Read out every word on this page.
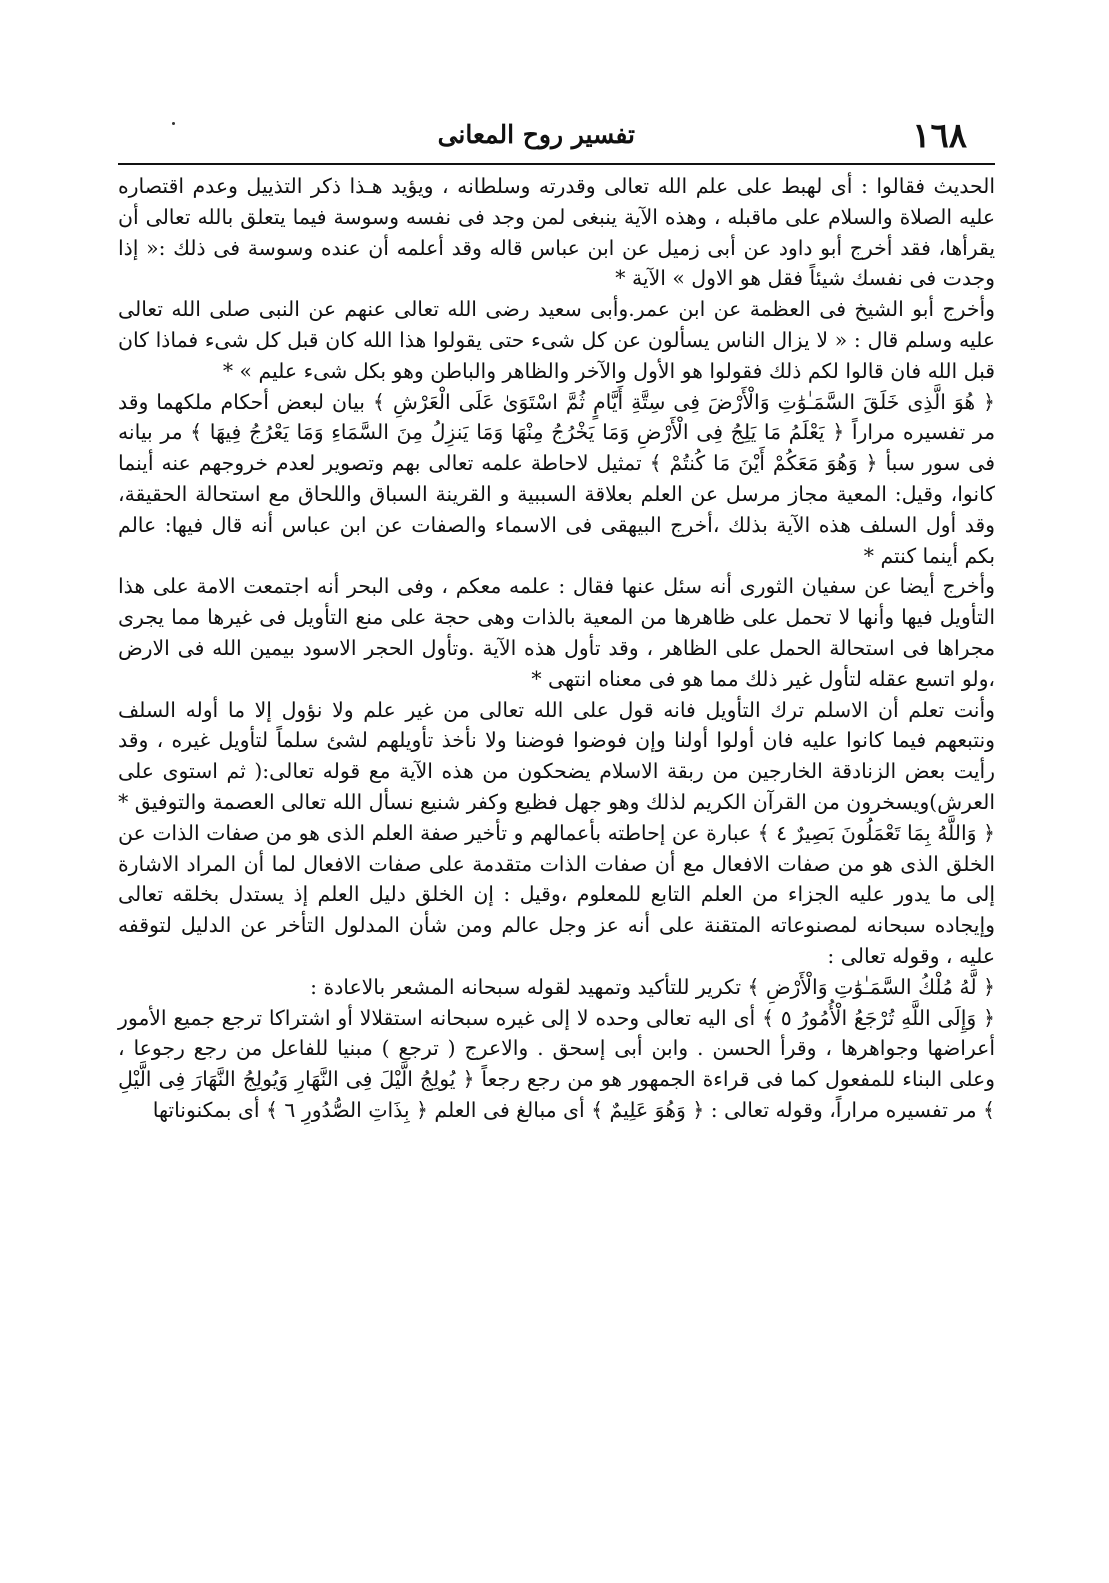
١٦٨
تفسير روح المعانى

الحديث فقالوا : أى لهبط على علم الله تعالى وقدرته وسلطانه ، ويؤيد هـذا ذكر التذييل وعدم اقتصاره عليه الصلاة والسلام على ماقبله ، وهذه الآية ينبغى لمن وجد فى نفسه وسوسة فيما يتعلق بالله تعالى أن يقرأها، فقد أخرج أبو داود عن أبى زميل عن ابن عباس قاله وقد أعلمه أن عنده وسوسة فى ذلك :« إذا وجدت فى نفسك شيئاً فقل هو الاول » الآية *

وأخرج أبو الشيخ فى العظمة عن ابن عمر.وأبى سعيد رضى الله تعالى عنهم عن النبى صلى الله تعالى عليه وسلم قال : « لا يزال الناس يسألون عن كل شىء حتى يقولوا هذا الله كان قبل كل شىء فماذا كان قبل الله فان قالوا لكم ذلك فقولوا هو الأول والآخر والظاهر والباطن وهو بكل شىء عليم » *

﴿ هُوَ الَّذِى خَلَقَ السَّمَـٰوَٰتِ وَالْأَرْضَ فِى سِتَّةِ أَيَّامٍ ثُمَّ اسْتَوَىٰ عَلَى الْعَرْشِ ﴾ بيان لبعض أحكام ملكهما وقد مر تفسيره مراراً ﴿ يَعْلَمُ مَا يَلِجُ فِى الْأَرْضِ وَمَا يَخْرُجُ مِنْهَا وَمَا يَنزِلُ مِنَ السَّمَاءِ وَمَا يَعْرُجُ فِيهَا ﴾ مر بيانه فى سور سبأ ﴿ وَهُوَ مَعَكُمْ أَيْنَ مَا كُنتُمْ ﴾ تمثيل لاحاطة علمه تعالى بهم وتصوير لعدم خروجهم عنه أينما كانوا، وقيل: المعية مجاز مرسل عن العلم بعلاقة السببية و القرينة السباق واللحاق مع استحالة الحقيقة، وقد أول السلف هذه الآية بذلك ،أخرج البيهقى فى الاسماء والصفات عن ابن عباس أنه قال فيها: عالم بكم أينما كنتم *

وأخرج أيضا عن سفيان الثورى أنه سئل عنها فقال : علمه معكم ، وفى البحر أنه اجتمعت الامة على هذا التأويل فيها وأنها لا تحمل على ظاهرها من المعية بالذات وهى حجة على منع التأويل فى غيرها مما يجرى مجراها فى استحالة الحمل على الظاهر ، وقد تأول هذه الآية .وتأول الحجر الاسود بيمين الله فى الارض ،ولو اتسع عقله لتأول غير ذلك مما هو فى معناه انتهى *

وأنت تعلم أن الاسلم ترك التأويل فانه قول على الله تعالى من غير علم ولا نؤول إلا ما أوله السلف ونتبعهم فيما كانوا عليه فان أولوا أولنا وإن فوضوا فوضنا ولا نأخذ تأويلهم لشئ سلماً لتأويل غيره ، وقد رأيت بعض الزنادقة الخارجين من ربقة الاسلام يضحكون من هذه الآية مع قوله تعالى:( ثم استوى على العرش)ويسخرون من القرآن الكريم لذلك وهو جهل فظيع وكفر شنيع نسأل الله تعالى العصمة والتوفيق *

﴿ وَاللَّهُ بِمَا تَعْمَلُونَ بَصِيرٌ ٤ ﴾ عبارة عن إحاطته بأعمالهم و تأخير صفة العلم الذى هو من صفات الذات عن الخلق الذى هو من صفات الافعال مع أن صفات الذات متقدمة على صفات الافعال لما أن المراد الاشارة إلى ما يدور عليه الجزاء من العلم التابع للمعلوم ،وقيل : إن الخلق دليل العلم إذ يستدل بخلقه تعالى وإيجاده سبحانه لمصنوعاته المتقنة على أنه عز وجل عالم ومن شأن المدلول التأخر عن الدليل لتوقفه عليه ، وقوله تعالى :

﴿ لَّهُ مُلْكُ السَّمَـٰوَٰتِ وَالْأَرْضِ ﴾ تكرير للتأكيد وتمهيد لقوله سبحانه المشعر بالاعادة :

﴿ وَإِلَى اللَّهِ تُرْجَعُ الْأُمُورُ ٥ ﴾ أى اليه تعالى وحده لا إلى غيره سبحانه استقلالا أو اشتراكا ترجع جميع الأمور أعراضها وجواهرها ، وقرأ الحسن . وابن أبى إسحق . والاعرج ( ترجع ) مبنيا للفاعل من رجع رجوعا ، وعلى البناء للمفعول كما فى قراءة الجمهور هو من رجع رجعاً ﴿ يُولِجُ الَّيْلَ فِى النَّهَارِ وَيُولِجُ النَّهَارَ فِى الَّيْلِ ﴾ مر تفسيره مراراً، وقوله تعالى : ﴿ وَهُوَ عَلِيمٌ ﴾ أى مبالغ فى العلم ﴿ بِذَاتِ الصُّدُورِ ٦ ﴾ أى بمكنوناتها
